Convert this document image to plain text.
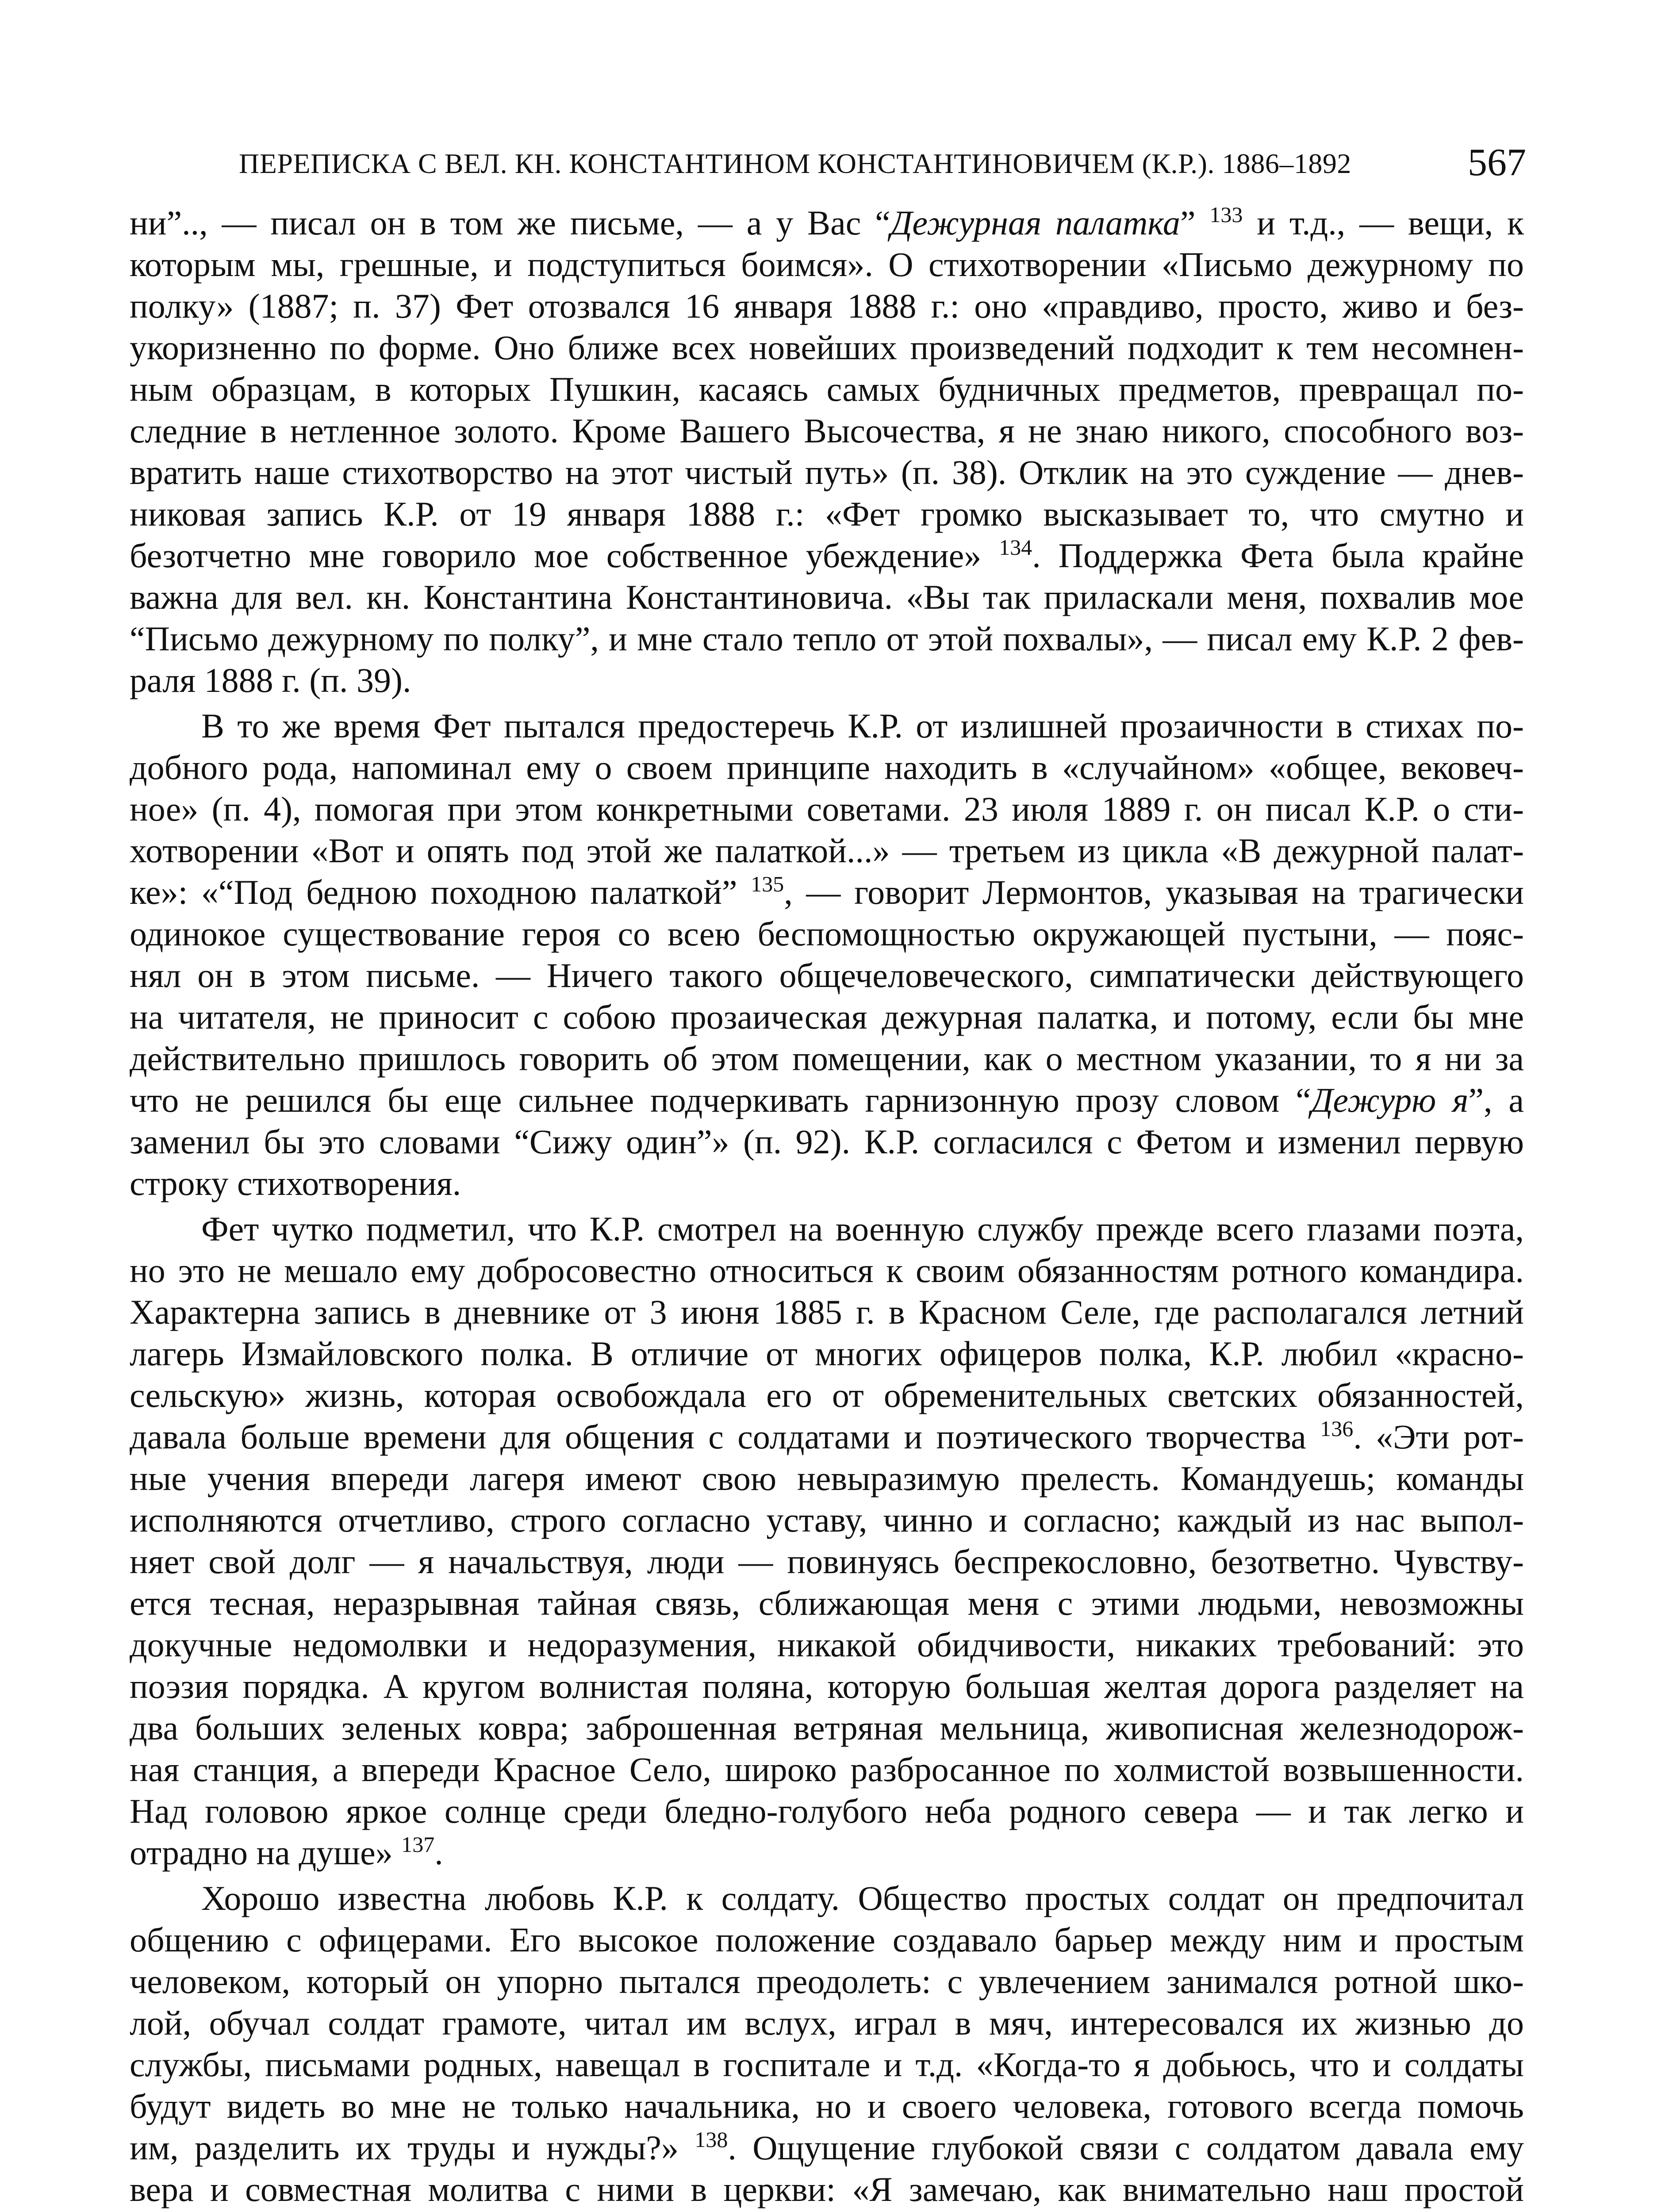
ПЕРЕПИСКА С ВЕЛ. КН. КОНСТАНТИНОМ КОНСТАНТИНОВИЧЕМ (К.Р.). 1886–1892	567
ни”.., — писал он в том же письме, — а у Вас “Дежурная палатка” $^{133}$ и т.д., — вещи, к
которым мы, грешные, и подступиться боимся». О стихотворении «Письмо дежурному по
полку» (1887; п. 37) Фет отозвался 16 января 1888 г.: оно «правдиво, просто, живо и без-
укоризненно по форме. Оно ближе всех новейших произведений подходит к тем несомнен-
ным образцам, в которых Пушкин, касаясь самых будничных предметов, превращал по-
следние в нетленное золото. Кроме Вашего Высочества, я не знаю никого, способного воз-
вратить наше стихотворство на этот чистый путь» (п. 38). Отклик на это суждение — днев-
никовая запись К.Р. от 19 января 1888 г.: «Фет громко высказывает то, что смутно и
безотчетно мне говорило мое собственное убеждение» $^{134}$. Поддержка Фета была крайне
важна для вел. кн. Константина Константиновича. «Вы так приласкали меня, похвалив мое
“Письмо дежурному по полку”, и мне стало тепло от этой похвалы», — писал ему К.Р. 2 фев-
раля 1888 г. (п. 39).
В то же время Фет пытался предостеречь К.Р. от излишней прозаичности в стихах по-
добного рода, напоминал ему о своем принципе находить в «случайном» «общее, вековеч-
ное» (п. 4), помогая при этом конкретными советами. 23 июля 1889 г. он писал К.Р. о сти-
хотворении «Вот и опять под этой же палаткой...» — третьем из цикла «В дежурной палат-
ке»: «“Под бедною походною палаткой” $^{135}$, — говорит Лермонтов, указывая на трагически
одинокое существование героя со всею беспомощностью окружающей пустыни, — пояс-
нял он в этом письме. — Ничего такого общечеловеческого, симпатически действующего
на читателя, не приносит с собою прозаическая дежурная палатка, и потому, если бы мне
действительно пришлось говорить об этом помещении, как о местном указании, то я ни за
что не решился бы еще сильнее подчеркивать гарнизонную прозу словом “Дежурю я”, а
заменил бы это словами “Сижу один”» (п. 92). К.Р. согласился с Фетом и изменил первую
строку стихотворения.
Фет чутко подметил, что К.Р. смотрел на военную службу прежде всего глазами поэта,
но это не мешало ему добросовестно относиться к своим обязанностям ротного командира.
Характерна запись в дневнике от 3 июня 1885 г. в Красном Селе, где располагался летний
лагерь Измайловского полка. В отличие от многих офицеров полка, К.Р. любил «красно-
сельскую» жизнь, которая освобождала его от обременительных светских обязанностей,
давала больше времени для общения с солдатами и поэтического творчества $^{136}$. «Эти рот-
ные учения впереди лагеря имеют свою невыразимую прелесть. Командуешь; команды
исполняются отчетливо, строго согласно уставу, чинно и согласно; каждый из нас выпол-
няет свой долг — я начальствуя, люди — повинуясь беспрекословно, безответно. Чувству-
ется тесная, неразрывная тайная связь, сближающая меня с этими людьми, невозможны
докучные недомолвки и недоразумения, никакой обидчивости, никаких требований: это
поэзия порядка. А кругом волнистая поляна, которую большая желтая дорога разделяет на
два больших зеленых ковра; заброшенная ветряная мельница, живописная железнодорож-
ная станция, а впереди Красное Село, широко разбросанное по холмистой возвышенности.
Над головою яркое солнце среди бледно-голубого неба родного севера — и так легко и
отрадно на душе» $^{137}$.
Хорошо известна любовь К.Р. к солдату. Общество простых солдат он предпочитал
общению с офицерами. Его высокое положение создавало барьер между ним и простым
человеком, который он упорно пытался преодолеть: с увлечением занимался ротной шко-
лой, обучал солдат грамоте, читал им вслух, играл в мяч, интересовался их жизнью до
службы, письмами родных, навещал в госпитале и т.д. «Когда-то я добьюсь, что и солдаты
будут видеть во мне не только начальника, но и своего человека, готового всегда помочь
им, разделить их труды и нужды?» $^{138}$. Ощущение глубокой связи с солдатом давала ему
вера и совместная молитва с ними в церкви: «Я замечаю, как внимательно наш простой
